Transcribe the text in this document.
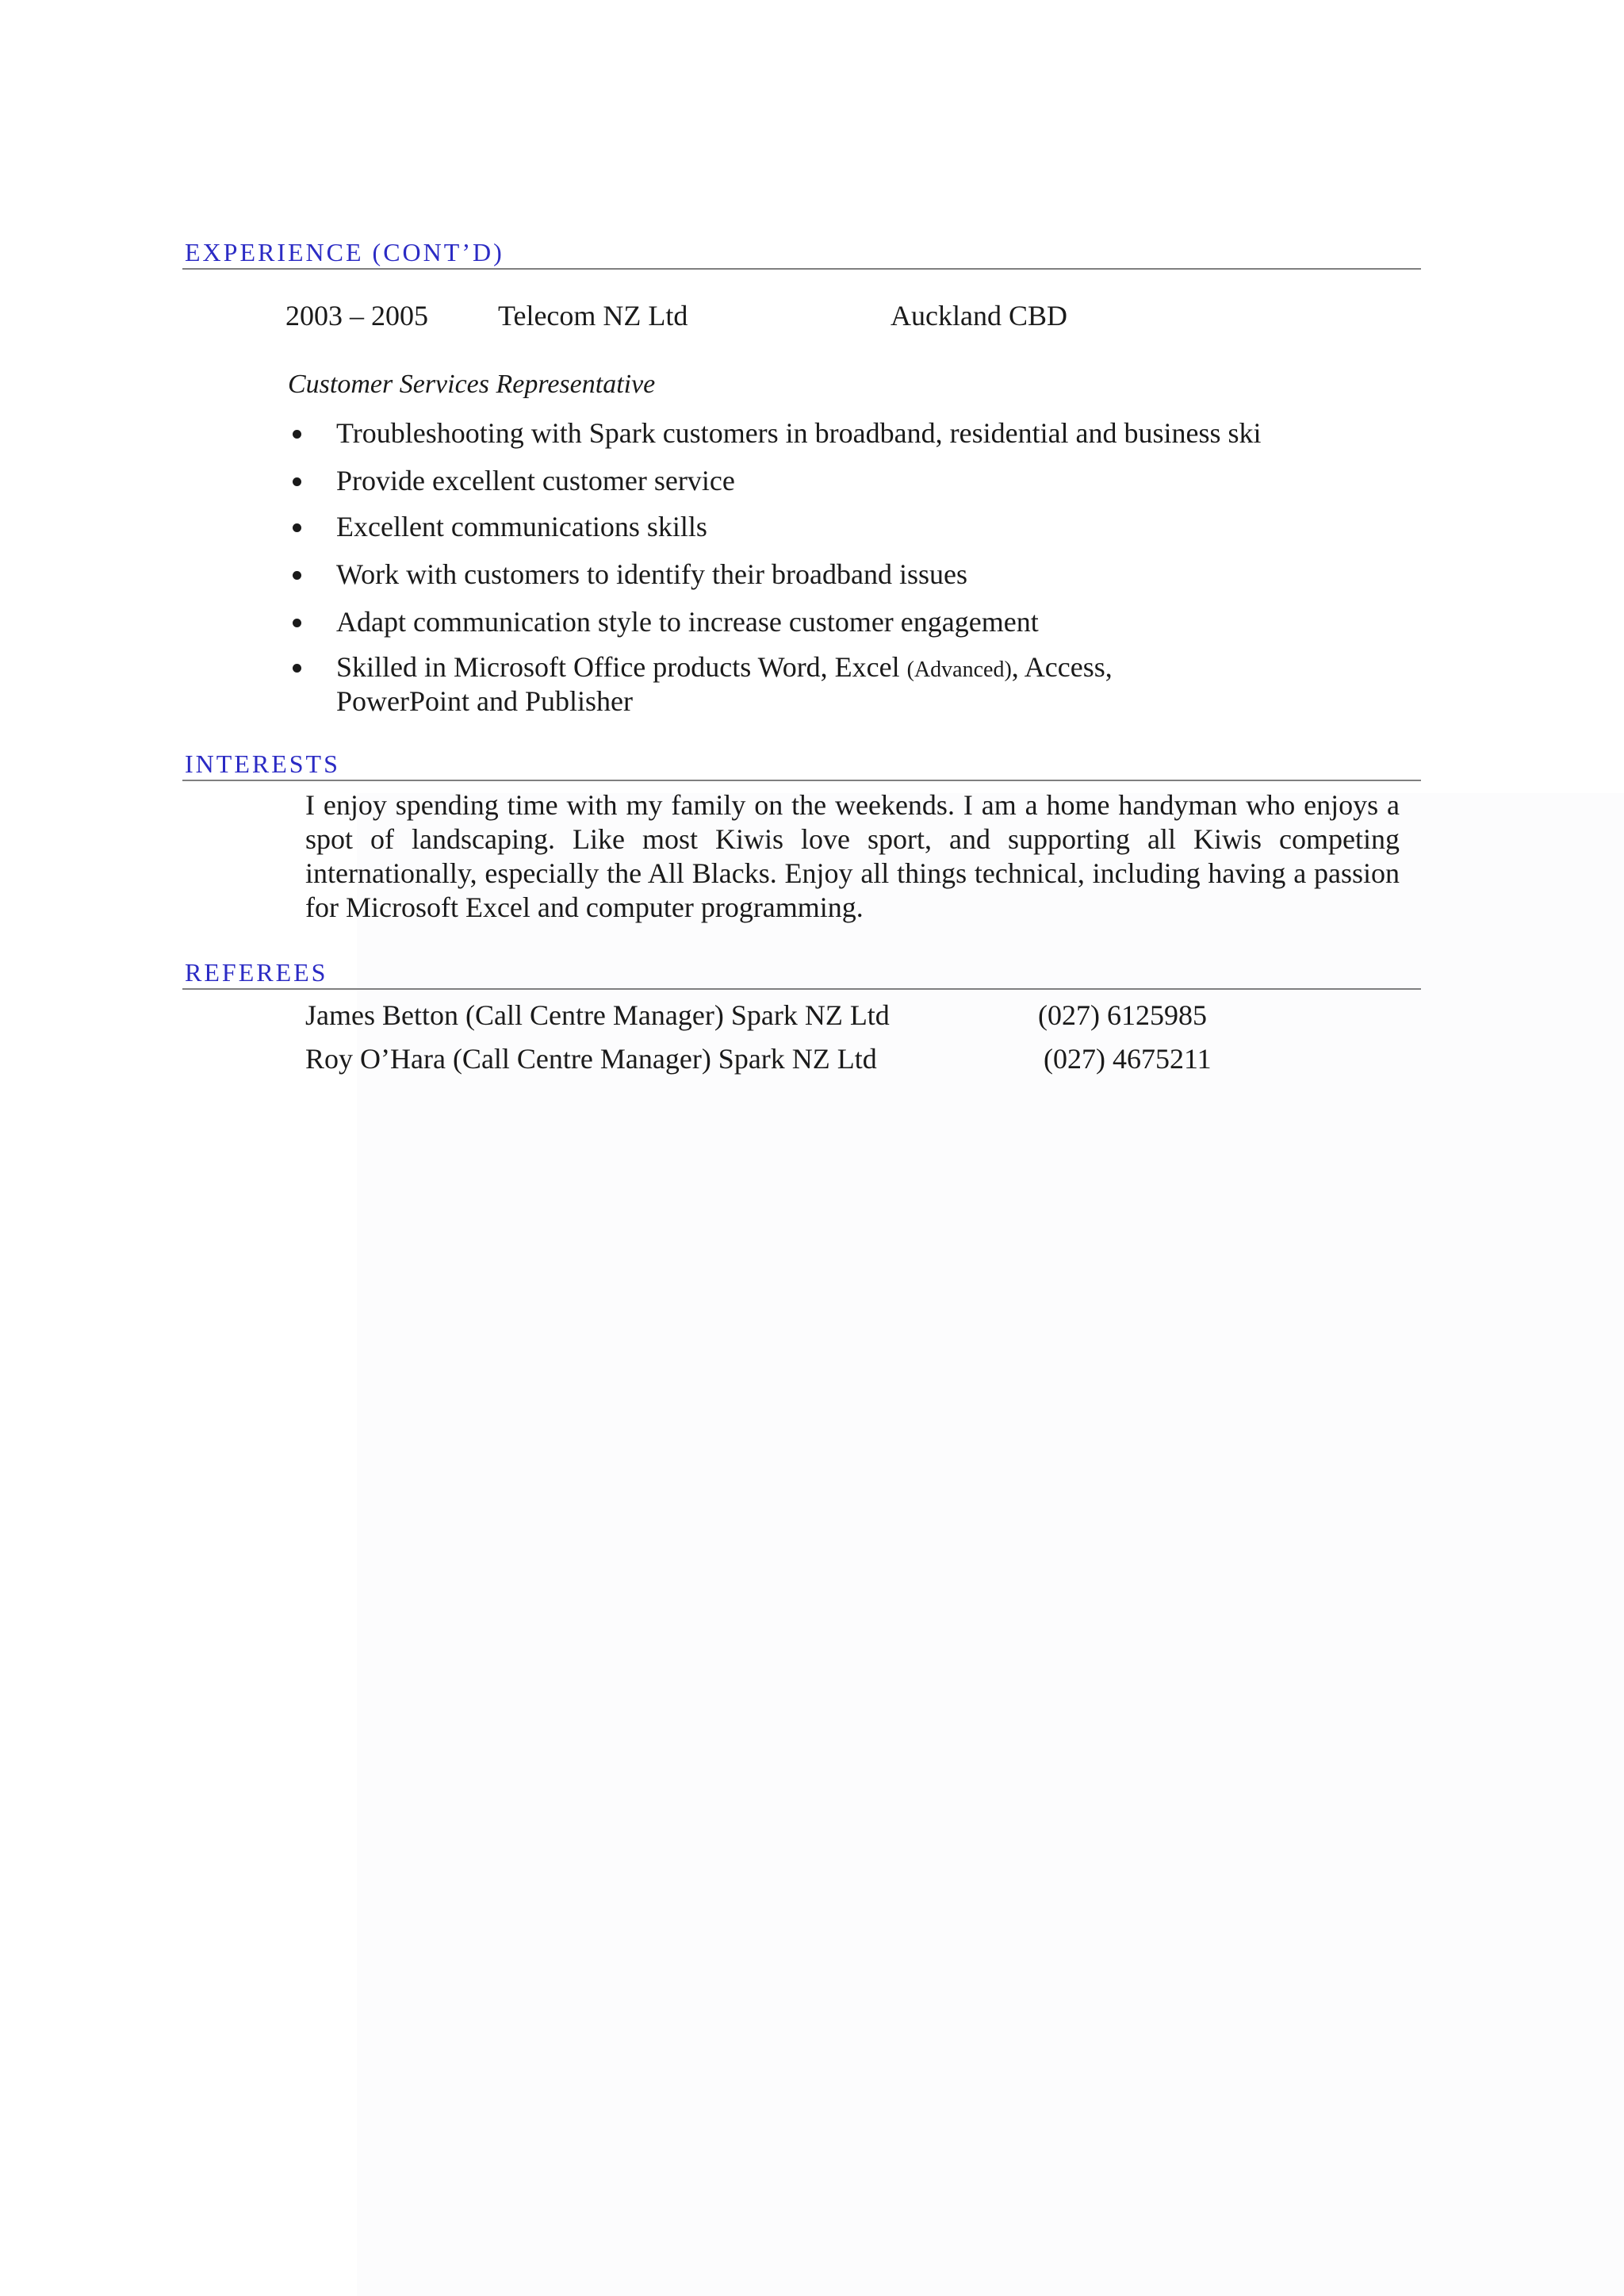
EXPERIENCE (CONT’D)
2003 – 2005 Telecom NZ Ltd	Auckland CBD
Customer Services Representative
Troubleshooting with Spark customers in broadband, residential and business ski
Provide excellent customer service
Excellent communications skills
Work with customers to identify their broadband issues
Adapt communication style to increase customer engagement
Skilled in Microsoft Office products Word, Excel (Advanced), Access,
PowerPoint and Publisher
INTERESTS
I enjoy spending time with my family on the weekends. I am a home handyman who enjoys a spot of landscaping. Like most Kiwis love sport, and supporting all Kiwis competing internationally, especially the All Blacks. Enjoy all things technical, including having a passion for Microsoft Excel and computer programming.
REFEREES
James Betton (Call Centre Manager) Spark NZ Ltd	(027) 6125985
Roy O’Hara (Call Centre Manager) Spark NZ Ltd	(027) 4675211
